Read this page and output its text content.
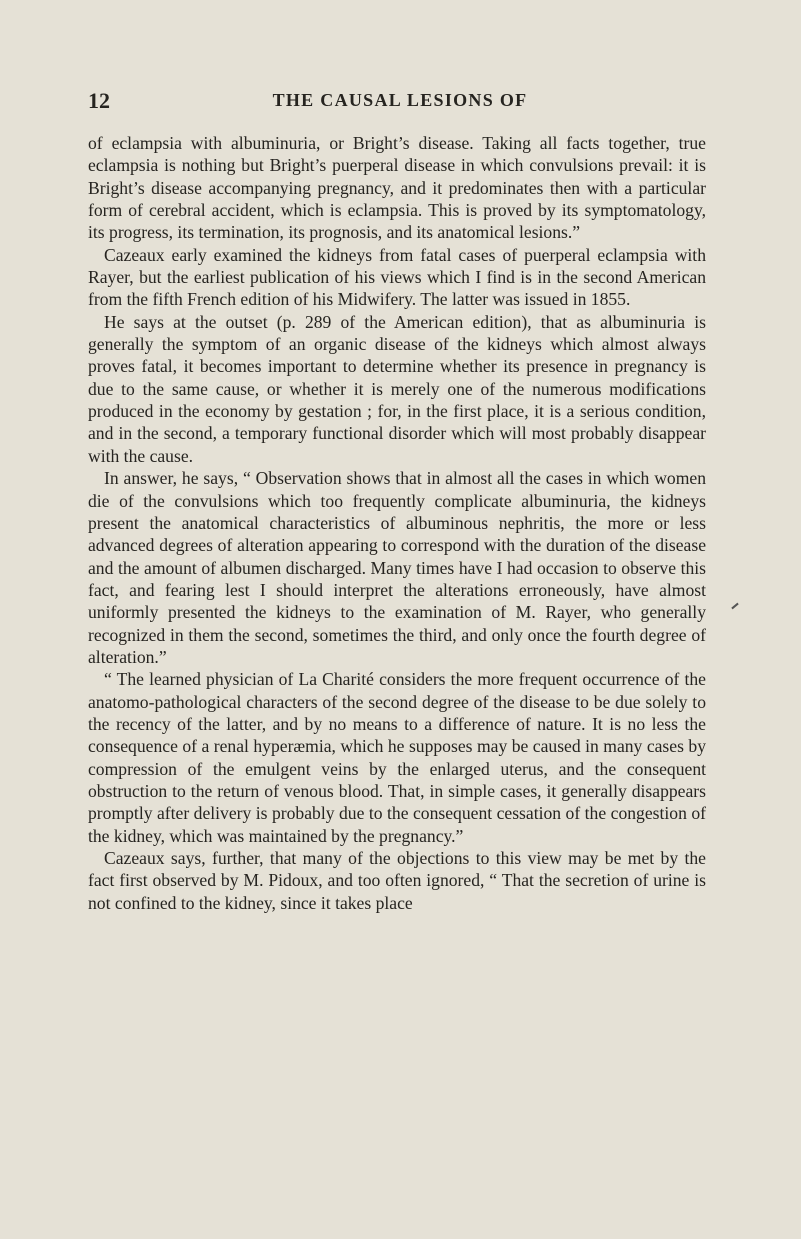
12	THE CAUSAL LESIONS OF

of eclampsia with albuminuria, or Bright’s disease. Taking all facts together, true eclampsia is nothing but Bright’s puerperal disease in which convulsions prevail: it is Bright’s disease accompanying pregnancy, and it predominates then with a particular form of cerebral accident, which is eclampsia. This is proved by its symptomatology, its progress, its termination, its prognosis, and its anatomical lesions.”

Cazeaux early examined the kidneys from fatal cases of puerperal eclampsia with Rayer, but the earliest publication of his views which I find is in the second American from the fifth French edition of his Midwifery. The latter was issued in 1855.

He says at the outset (p. 289 of the American edition), that as albuminuria is generally the symptom of an organic disease of the kidneys which almost always proves fatal, it becomes important to determine whether its presence in pregnancy is due to the same cause, or whether it is merely one of the numerous modifications produced in the economy by gestation ; for, in the first place, it is a serious condition, and in the second, a temporary functional disorder which will most probably disappear with the cause.

In answer, he says, “ Observation shows that in almost all the cases in which women die of the convulsions which too frequently complicate albuminuria, the kidneys present the anatomical characteristics of albuminous nephritis, the more or less advanced degrees of alteration appearing to correspond with the duration of the disease and the amount of albumen discharged. Many times have I had occasion to observe this fact, and fearing lest I should interpret the alterations erroneously, have almost uniformly presented the kidneys to the examination of M. Rayer, who generally recognized in them the second, sometimes the third, and only once the fourth degree of alteration.”

“ The learned physician of La Charité considers the more frequent occurrence of the anatomo-pathological characters of the second degree of the disease to be due solely to the recency of the latter, and by no means to a difference of nature. It is no less the consequence of a renal hyperæmia, which he supposes may be caused in many cases by compression of the emulgent veins by the enlarged uterus, and the consequent obstruction to the return of venous blood. That, in simple cases, it generally disappears promptly after delivery is probably due to the consequent cessation of the congestion of the kidney, which was maintained by the pregnancy.”

Cazeaux says, further, that many of the objections to this view may be met by the fact first observed by M. Pidoux, and too often ignored, “ That the secretion of urine is not confined to the kidney, since it takes place
